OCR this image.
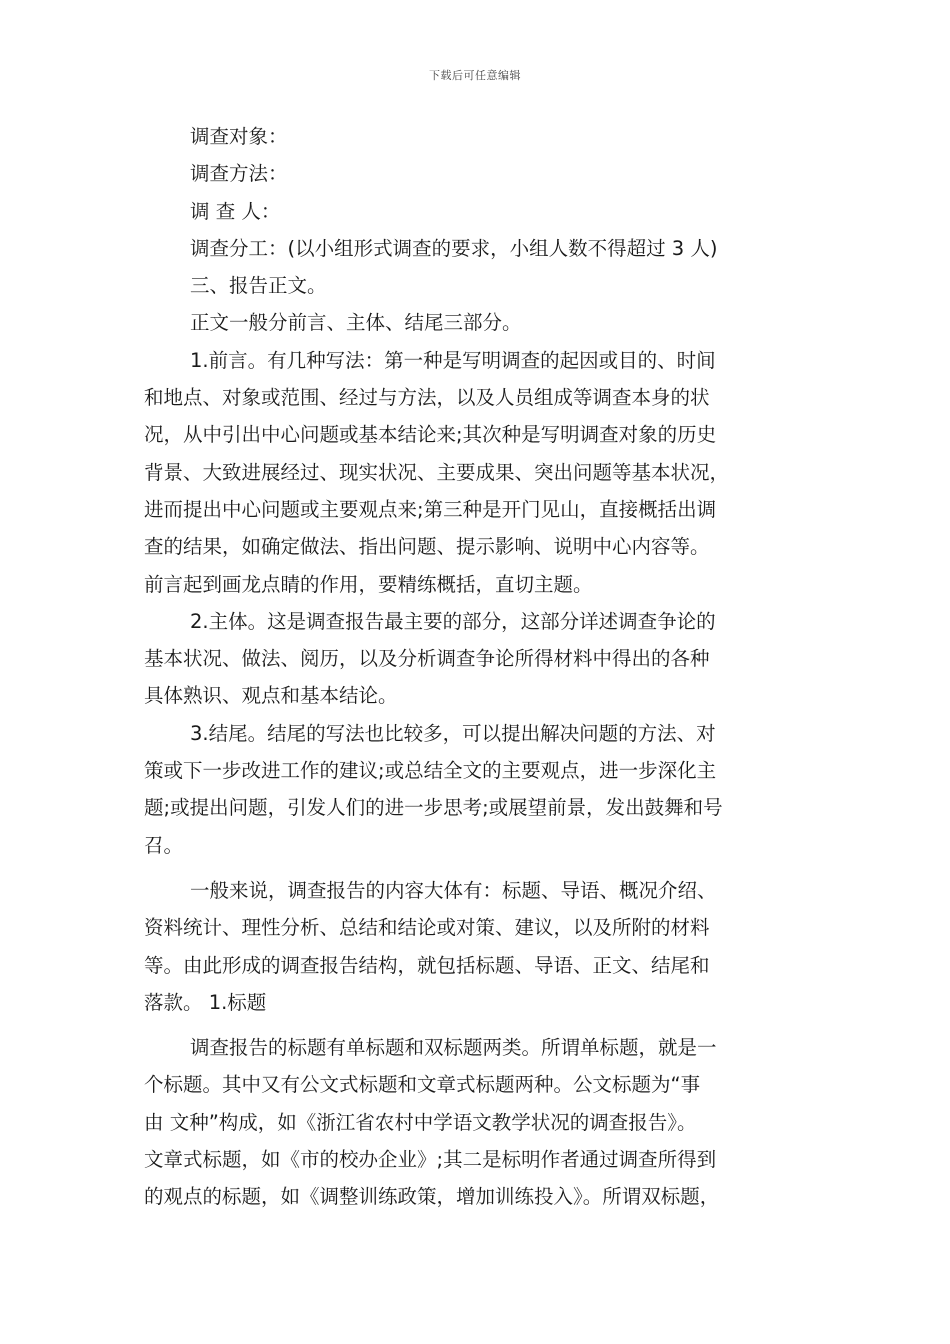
下载后可任意编辑
调查对象：
调查方法：
调 查 人：
调查分工：(以小组形式调查的要求，小组人数不得超过 3 人)
三、报告正文。
正文一般分前言、主体、结尾三部分。
1.前言。有几种写法：第一种是写明调查的起因或目的、时间
和地点、对象或范围、经过与方法，以及人员组成等调查本身的状
况，从中引出中心问题或基本结论来;其次种是写明调查对象的历史
背景、大致进展经过、现实状况、主要成果、突出问题等基本状况，
进而提出中心问题或主要观点来;第三种是开门见山，直接概括出调
查的结果，如确定做法、指出问题、提示影响、说明中心内容等。
前言起到画龙点睛的作用，要精练概括，直切主题。
2.主体。这是调查报告最主要的部分，这部分详述调查争论的
基本状况、做法、阅历，以及分析调查争论所得材料中得出的各种
具体熟识、观点和基本结论。
3.结尾。结尾的写法也比较多，可以提出解决问题的方法、对
策或下一步改进工作的建议;或总结全文的主要观点，进一步深化主
题;或提出问题，引发人们的进一步思考;或展望前景，发出鼓舞和号
召。
一般来说，调查报告的内容大体有：标题、导语、概况介绍、
资料统计、理性分析、总结和结论或对策、建议，以及所附的材料
等。由此形成的调查报告结构，就包括标题、导语、正文、结尾和
落款。 1.标题
调查报告的标题有单标题和双标题两类。所谓单标题，就是一
个标题。其中又有公文式标题和文章式标题两种。公文标题为“事
由 文种”构成，如《浙江省农村中学语文教学状况的调查报告》。
文章式标题，如《市的校办企业》;其二是标明作者通过调查所得到
的观点的标题，如《调整训练政策，增加训练投入》。所谓双标题，
